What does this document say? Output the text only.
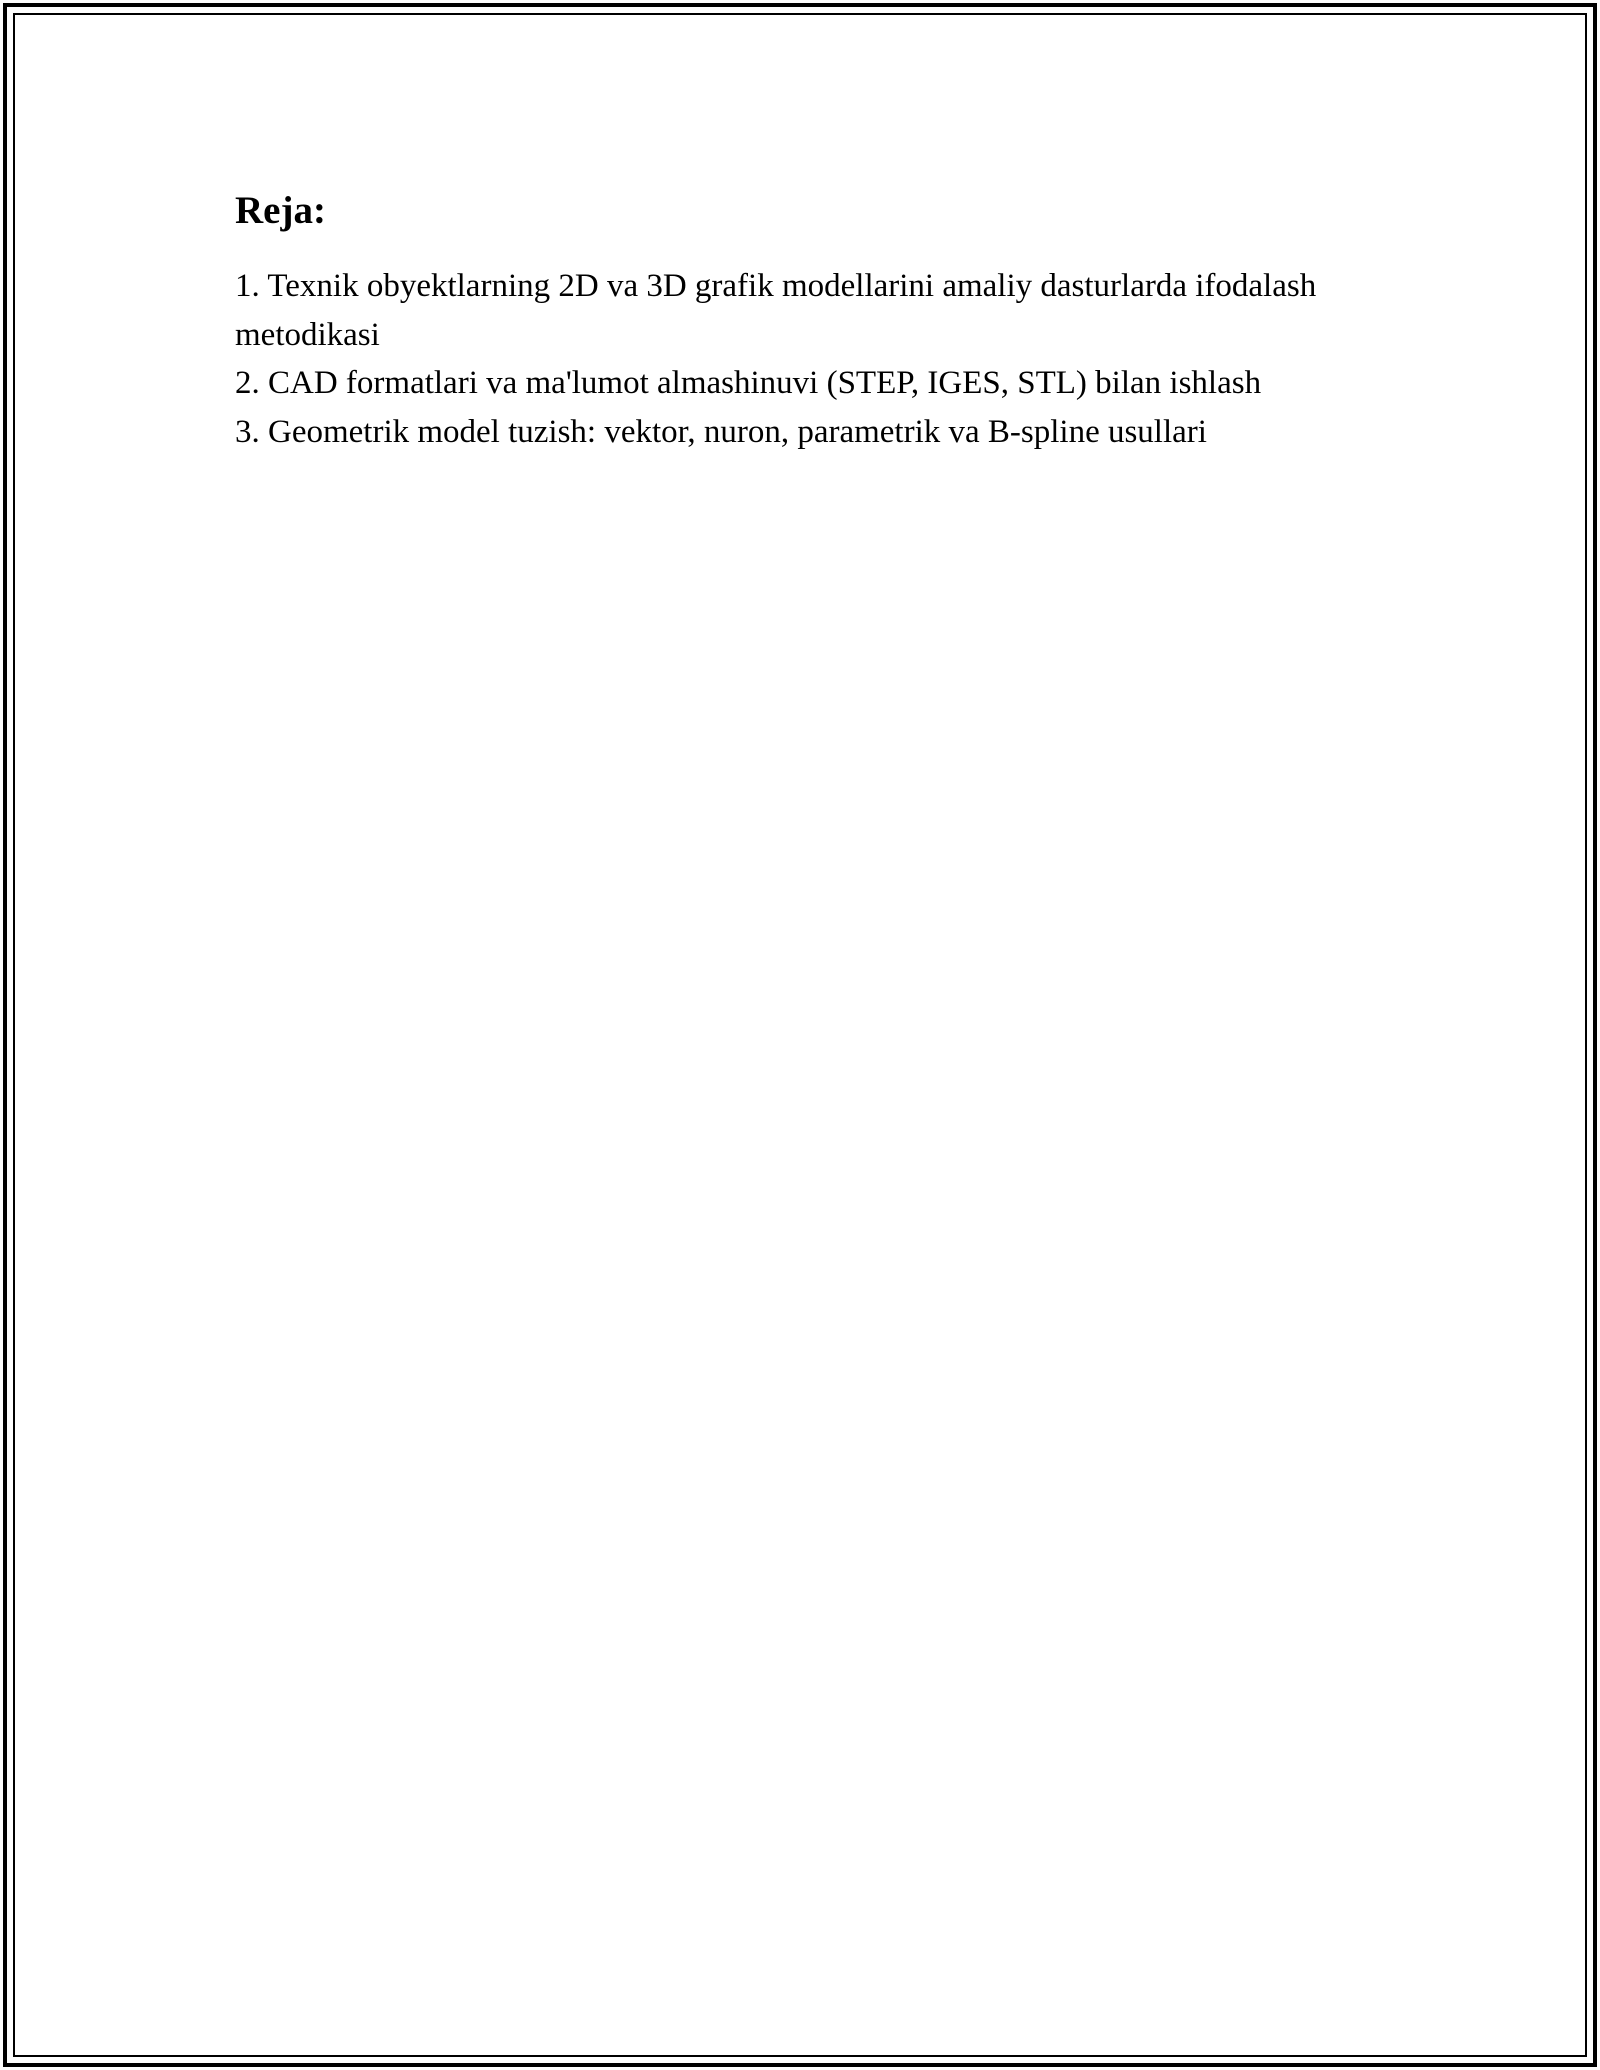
Reja:
1. Texnik obyektlarning 2D va 3D grafik modellarini amaliy dasturlarda ifodalash metodikasi
2. CAD formatlari va ma'lumot almashinuvi (STEP, IGES, STL) bilan ishlash
3. Geometrik model tuzish: vektor, nuron, parametrik va B-spline usullari
